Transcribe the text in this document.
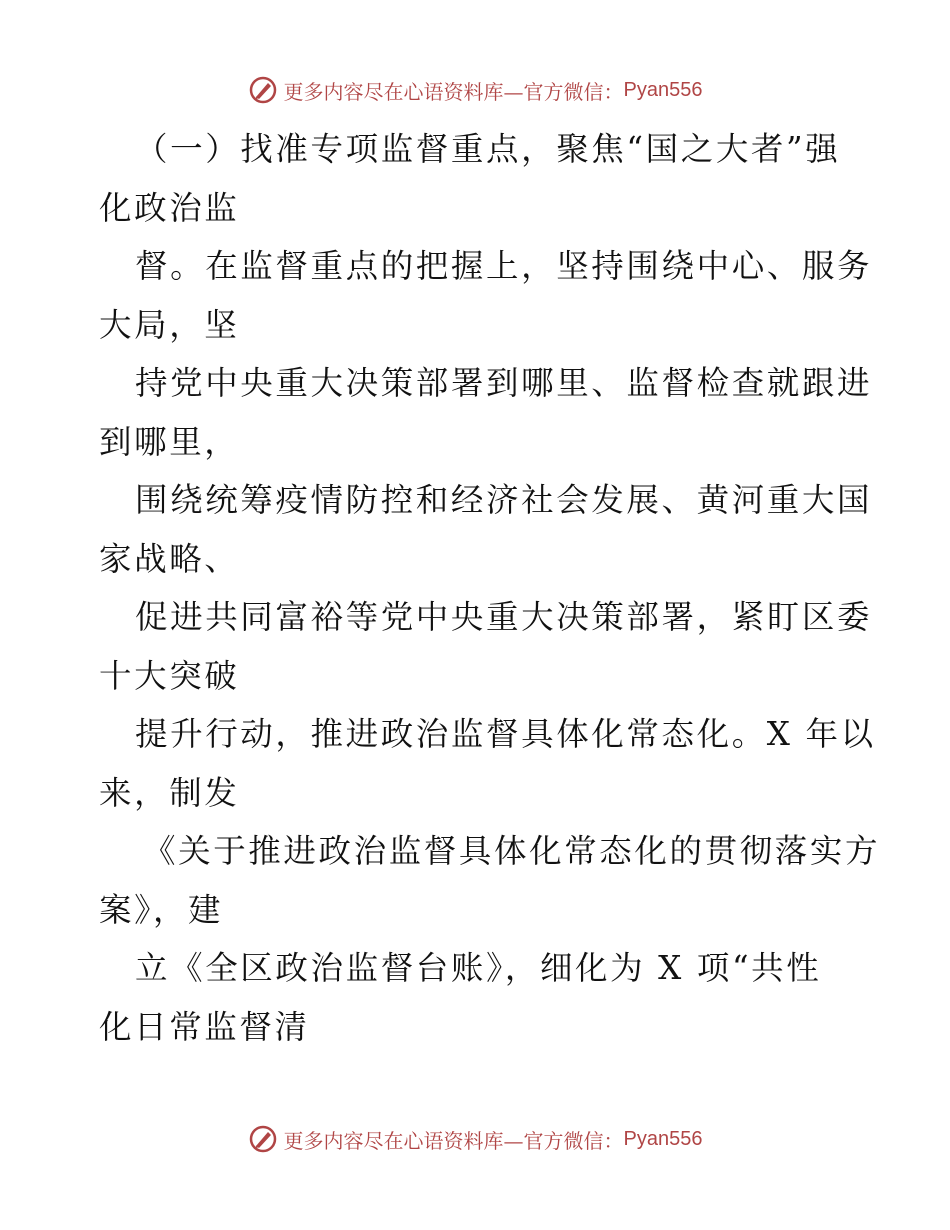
更多内容尽在心语资料库—官方微信： Pyan556
（一）找准专项监督重点，聚焦“国之大者”强
化政治监
督。在监督重点的把握上，坚持围绕中心、服务
大局，坚
持党中央重大决策部署到哪里、监督检查就跟进
到哪里，
围绕统筹疫情防控和经济社会发展、黄河重大国
家战略、
促进共同富裕等党中央重大决策部署，紧盯区委
十大突破
提升行动，推进政治监督具体化常态化。X 年以
来，制发
《关于推进政治监督具体化常态化的贯彻落实方
案》，建
立《全区政治监督台账》，细化为 X 项“共性
化日常监督清
更多内容尽在心语资料库—官方微信： Pyan556
